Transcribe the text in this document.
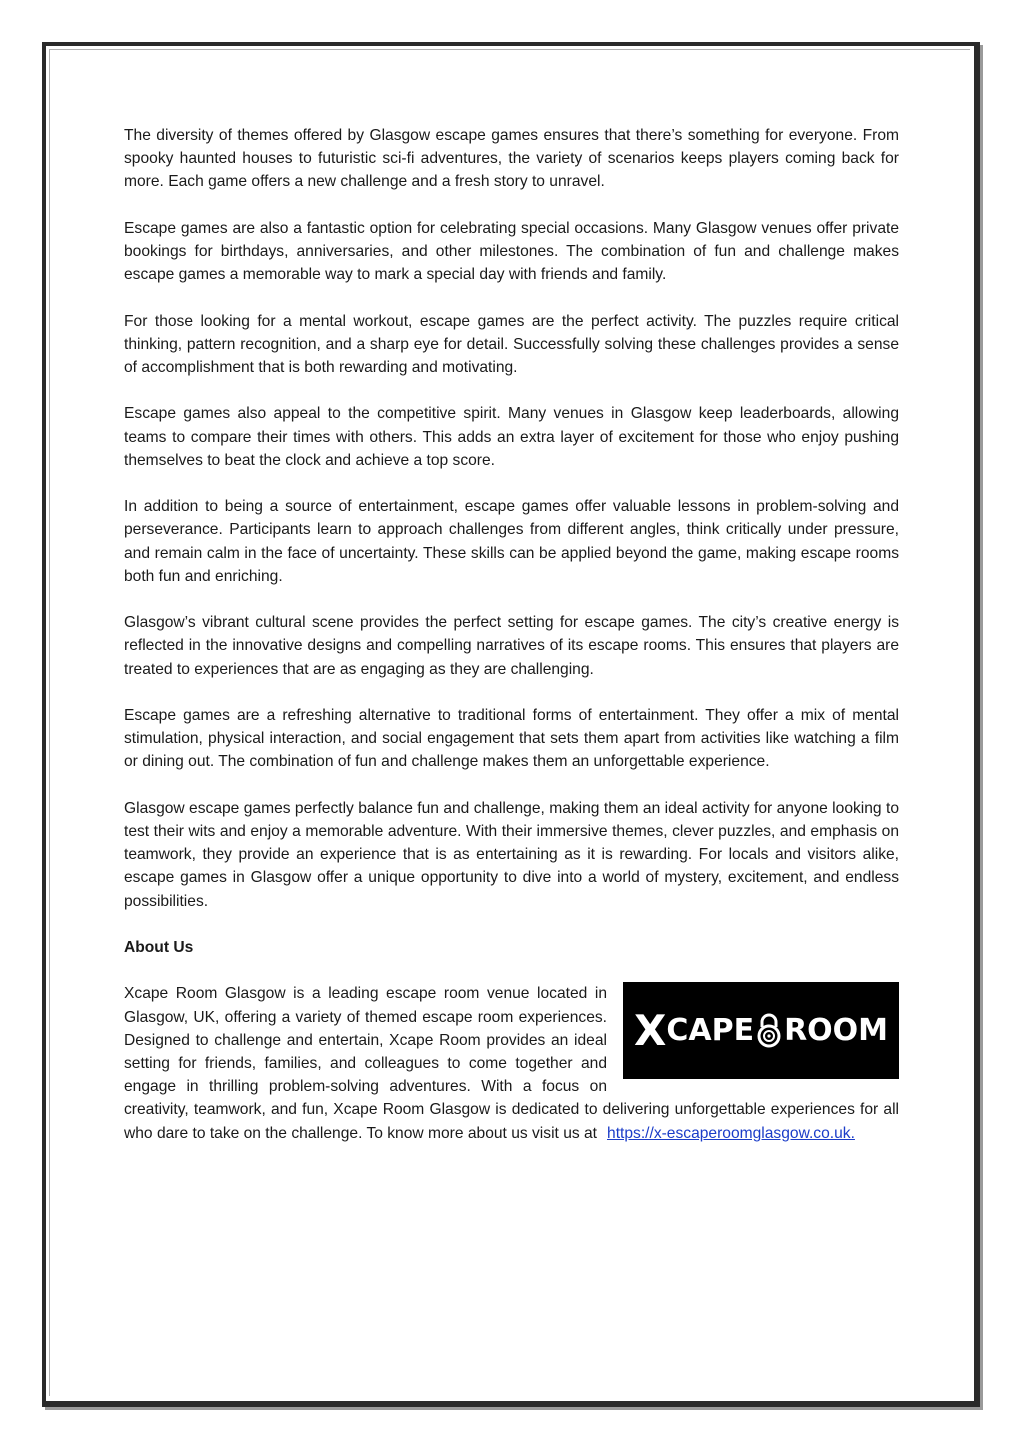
The diversity of themes offered by Glasgow escape games ensures that there’s something for everyone. From spooky haunted houses to futuristic sci-fi adventures, the variety of scenarios keeps players coming back for more. Each game offers a new challenge and a fresh story to unravel.

Escape games are also a fantastic option for celebrating special occasions. Many Glasgow venues offer private bookings for birthdays, anniversaries, and other milestones. The combination of fun and challenge makes escape games a memorable way to mark a special day with friends and family.

For those looking for a mental workout, escape games are the perfect activity. The puzzles require critical thinking, pattern recognition, and a sharp eye for detail. Successfully solving these challenges provides a sense of accomplishment that is both rewarding and motivating.

Escape games also appeal to the competitive spirit. Many venues in Glasgow keep leaderboards, allowing teams to compare their times with others. This adds an extra layer of excitement for those who enjoy pushing themselves to beat the clock and achieve a top score.

In addition to being a source of entertainment, escape games offer valuable lessons in problem-solving and perseverance. Participants learn to approach challenges from different angles, think critically under pressure, and remain calm in the face of uncertainty. These skills can be applied beyond the game, making escape rooms both fun and enriching.

Glasgow’s vibrant cultural scene provides the perfect setting for escape games. The city’s creative energy is reflected in the innovative designs and compelling narratives of its escape rooms. This ensures that players are treated to experiences that are as engaging as they are challenging.

Escape games are a refreshing alternative to traditional forms of entertainment. They offer a mix of mental stimulation, physical interaction, and social engagement that sets them apart from activities like watching a film or dining out. The combination of fun and challenge makes them an unforgettable experience.

Glasgow escape games perfectly balance fun and challenge, making them an ideal activity for anyone looking to test their wits and enjoy a memorable adventure. With their immersive themes, clever puzzles, and emphasis on teamwork, they provide an experience that is as entertaining as it is rewarding. For locals and visitors alike, escape games in Glasgow offer a unique opportunity to dive into a world of mystery, excitement, and endless possibilities.

About Us
X CAPE ROOM
Xcape Room Glasgow is a leading escape room venue located in Glasgow, UK, offering a variety of themed escape room experiences. Designed to challenge and entertain, Xcape Room provides an ideal setting for friends, families, and colleagues to come together and engage in thrilling problem-solving adventures. With a focus on creativity, teamwork, and fun, Xcape Room Glasgow is dedicated to delivering unforgettable experiences for all who dare to take on the challenge. To know more about us visit us at https://x-escaperoomglasgow.co.uk.
